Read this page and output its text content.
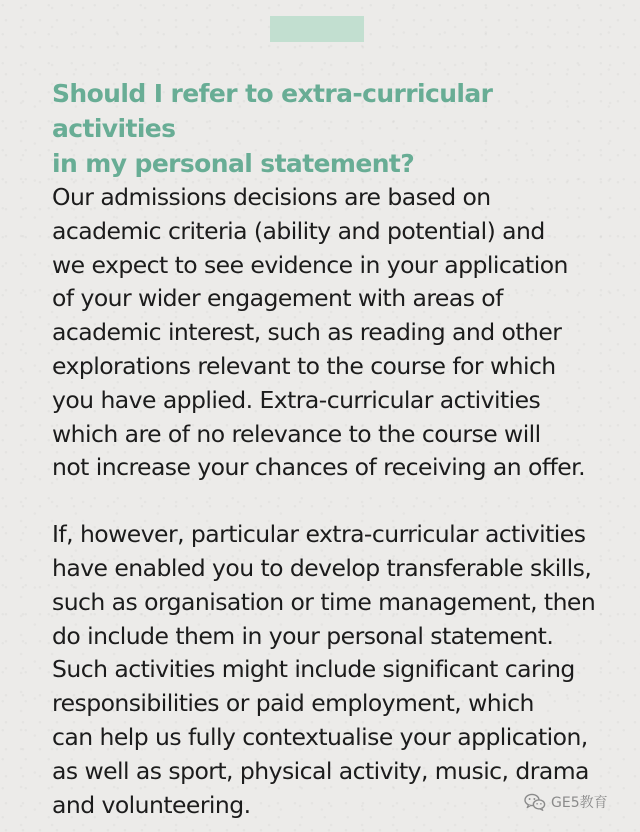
Should I refer to extra-curricular activities
in my personal statement?

Our admissions decisions are based on
academic criteria (ability and potential) and
we expect to see evidence in your application
of your wider engagement with areas of
academic interest, such as reading and other
explorations relevant to the course for which
you have applied. Extra-curricular activities
which are of no relevance to the course will
not increase your chances of receiving an offer.

If, however, particular extra-curricular activities
have enabled you to develop transferable skills,
such as organisation or time management, then
do include them in your personal statement.
Such activities might include significant caring
responsibilities or paid employment, which
can help us fully contextualise your application,
as well as sport, physical activity, music, drama
and volunteering.	GE5教育
